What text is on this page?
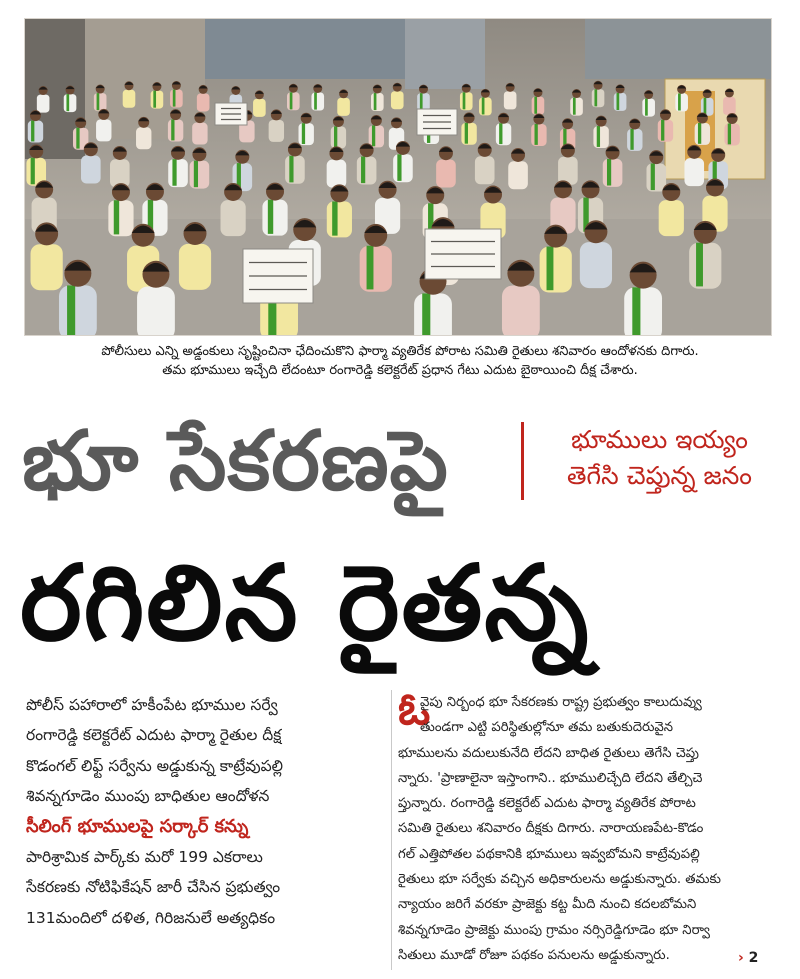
పోలీసులు ఎన్ని అడ్డంకులు సృష్టించినా ఛేదించుకొని ఫార్మా వ్యతిరేక పోరాట సమితి రైతులు శనివారం ఆందోళనకు దిగారు.
తమ భూములు ఇచ్చేది లేదంటూ రంగారెడ్డి కలెక్టరేట్ ప్రధాన గేటు ఎదుట బైఠాయించి దీక్ష చేశారు.
భూ సేకరణపై	భూములు ఇయ్యం
తెగేసి చెప్తున్న జనం
రగిలిన రైతన్న
పోలీస్ పహారాలో హకీంపేట భూముల సర్వే
రంగారెడ్డి కలెక్టరేట్ ఎదుట ఫార్మా రైతుల దీక్ష
కొడంగల్ లిఫ్ట్ సర్వేను అడ్డుకున్న కాట్రేవుపల్లి
శివన్నగూడెం ముంపు బాధితుల ఆందోళన
సీలింగ్ భూములపై సర్కార్ కన్ను
పారిశ్రామిక పార్క్‌కు మరో 199 ఎకరాలు
సేకరణకు నోటిఫికేషన్ జారీ చేసిన ప్రభుత్వం
131మందిలో దళిత, గిరిజనులే అత్యధికం
ఓ
వైపు నిర్బంధ భూ సేకరణకు రాష్ట్ర ప్రభుత్వం కాలుదువ్వు
తుండగా ఎట్టి పరిస్థితుల్లోనూ తమ బతుకుదెరువైన
భూములను వదులుకునేది లేదని బాధిత రైతులు తెగేసి చెప్తు
న్నారు. 'ప్రాణాలైనా ఇస్తాంగాని.. భూములిచ్చేది లేదని తేల్చిచె
ప్తున్నారు. రంగారెడ్డి కలెక్టరేట్ ఎదుట ఫార్మా వ్యతిరేక పోరాట
సమితి రైతులు శనివారం దీక్షకు దిగారు. నారాయణపేట-కొడం
గల్ ఎత్తిపోతల పథకానికి భూములు ఇవ్వబోమని కాట్రేవుపల్లి
రైతులు భూ సర్వేకు వచ్చిన అధికారులను అడ్డుకున్నారు. తమకు
న్యాయం జరిగే వరకూ ప్రాజెక్టు కట్ట మీది నుంచి కదలబోమని
శివన్నగూడెం ప్రాజెక్టు ముంపు గ్రామం నర్సిరెడ్డిగూడెం భూ నిర్వా
సితులు మూడో రోజూ పథకం పనులను అడ్డుకున్నారు.	› 2
